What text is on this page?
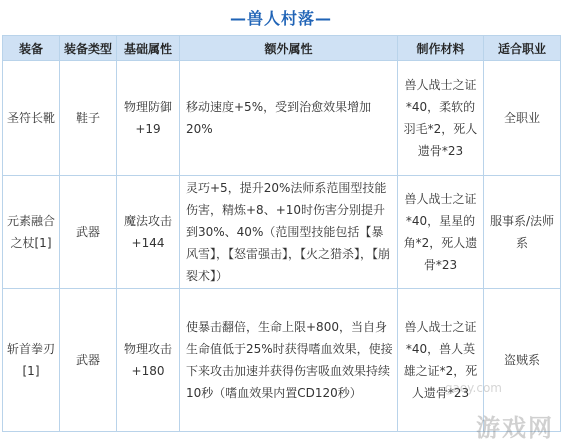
—兽人村落—
装备	装备类型	基础属性	额外属性	制作材料	适合职业
圣符长靴	鞋子	物理防御+19	移动速度+5%，受到治愈效果增加20%	兽人战士之证*40，柔软的羽毛*2，死人遗骨*23	全职业
元素融合之杖[1]	武器	魔法攻击+144	灵巧+5，提升20%法师系范围型技能伤害，精炼+8、+10时伤害分别提升到30%、40%（范围型技能包括【暴风雪】，【怒雷强击】，【火之猎杀】，【崩裂术】）	兽人战士之证*40，星星的角*2，死人遗骨*23	服事系/法师系
斩首拳刃[1]	武器	物理攻击+180	使暴击翻倍，生命上限+800，当自身生命值低于25%时获得嗜血效果，使接下来攻击加速并获得伤害吸血效果持续10秒（嗜血效果内置CD120秒）	兽人战士之证*40，兽人英雄之证*2，死人遗骨*23	盗贼系
gaoy.com
游戏网
